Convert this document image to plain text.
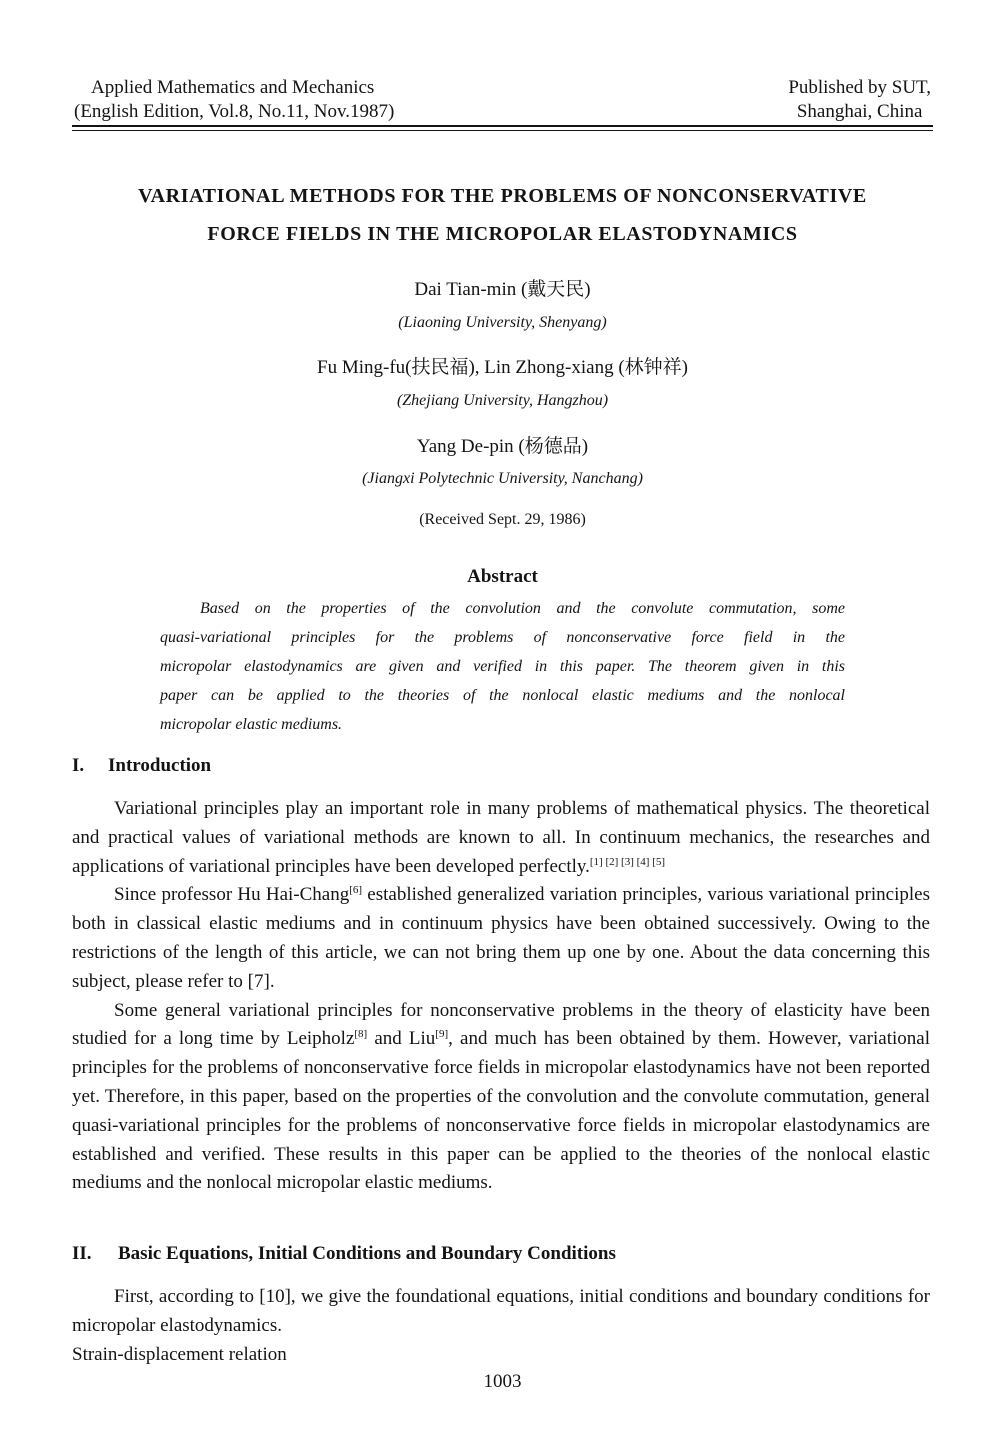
Applied Mathematics and Mechanics
(English Edition, Vol.8, No.11, Nov.1987)
Published by SUT,
Shanghai, China
VARIATIONAL METHODS FOR THE PROBLEMS OF NONCONSERVATIVE
FORCE FIELDS IN THE MICROPOLAR ELASTODYNAMICS
Dai Tian-min (戴天民)
(Liaoning University, Shenyang)
Fu Ming-fu(扶民福), Lin Zhong-xiang (林钟祥)
(Zhejiang University, Hangzhou)
Yang De-pin (杨德品)
(Jiangxi Polytechnic University, Nanchang)
(Received Sept. 29, 1986)
Abstract
Based on the properties of the convolution and the convolute commutation, some
quasi-variational principles for the problems of nonconservative force field in the
micropolar elastodynamics are given and verified in this paper. The theorem given in this
paper can be applied to the theories of the nonlocal elastic mediums and the nonlocal
micropolar elastic mediums.
I. Introduction

Variational principles play an important role in many problems of mathematical physics. The theoretical and practical values of variational methods are known to all. In continuum mechanics, the researches and applications of variational principles have been developed perfectly.[1] [2] [3] [4] [5]

Since professor Hu Hai-Chang[6] established generalized variation principles, various variational principles both in classical elastic mediums and in continuum physics have been obtained successively. Owing to the restrictions of the length of this article, we can not bring them up one by one. About the data concerning this subject, please refer to [7].

Some general variational principles for nonconservative problems in the theory of elasticity have been studied for a long time by Leipholz[8] and Liu[9], and much has been obtained by them. However, variational principles for the problems of nonconservative force fields in micropolar elastodynamics have not been reported yet. Therefore, in this paper, based on the properties of the convolution and the convolute commutation, general quasi-variational principles for the problems of nonconservative force fields in micropolar elastodynamics are established and verified. These results in this paper can be applied to the theories of the nonlocal elastic mediums and the nonlocal micropolar elastic mediums.

II. Basic Equations, Initial Conditions and Boundary Conditions

First, according to [10], we give the foundational equations, initial conditions and boundary conditions for micropolar elastodynamics.

Strain-displacement relation

1003
